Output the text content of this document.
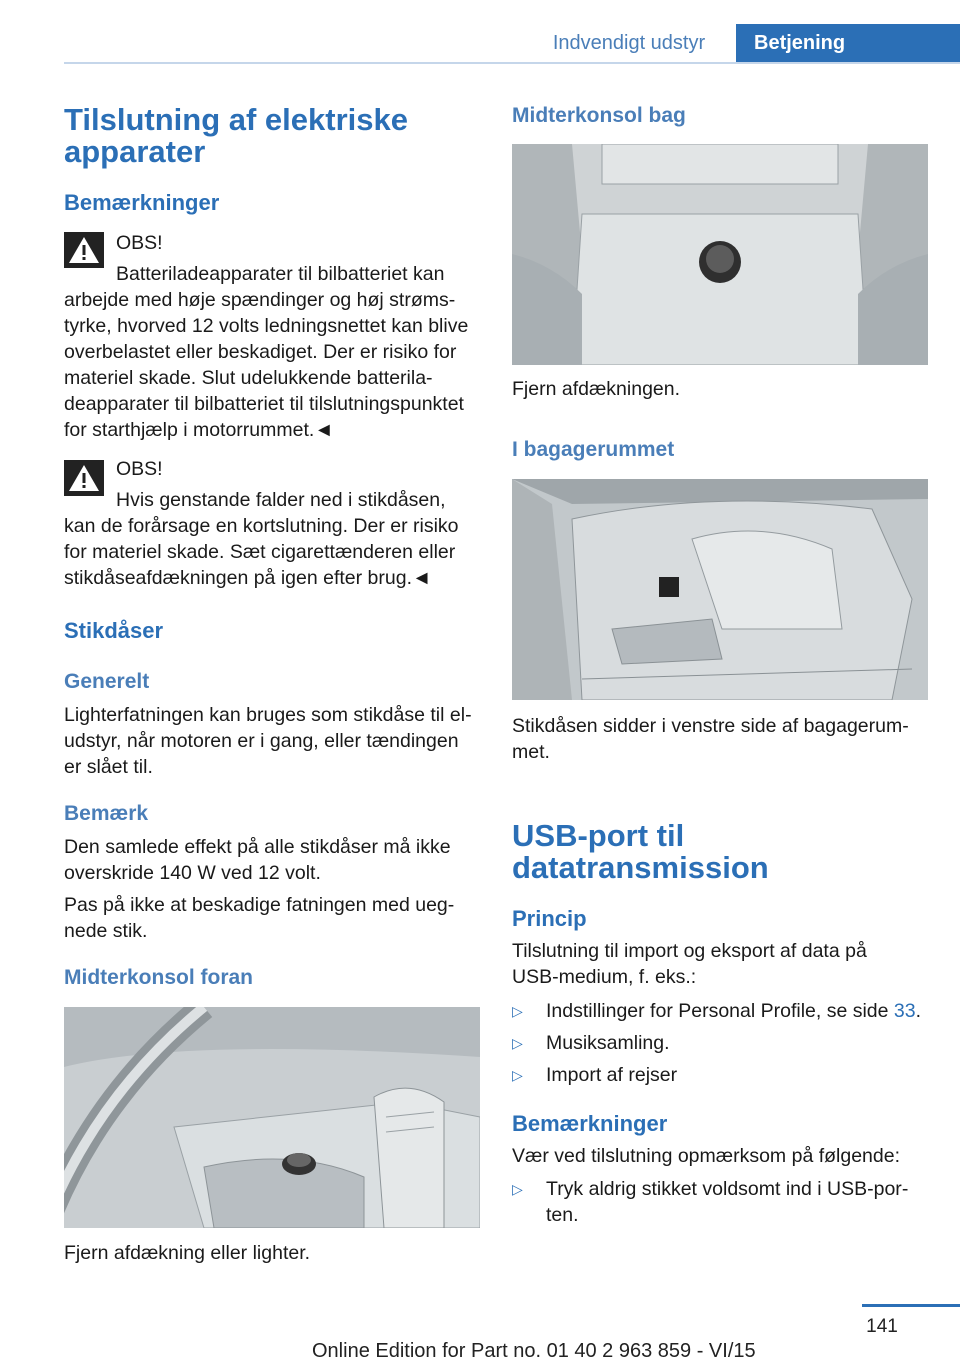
Indvendigt udstyr	Betjening
Tilslutning af elektriske apparater
Bemærkninger
OBS!
Batteriladeapparater til bilbatteriet kan
arbejde med høje spændinger og høj strømstyrke, hvorved 12 volts ledningsnettet kan blive overbelastet eller beskadiget. Der er risiko for materiel skade. Slut udelukkende batteriladeapparater til bilbatteriet til tilslutningspunktet for starthjælp i motorrummet.◄
OBS!
Hvis genstande falder ned i stikdåsen,
kan de forårsage en kortslutning. Der er risiko for materiel skade. Sæt cigarettænderen eller stikdåseafdækningen på igen efter brug.◄
Stikdåser
Generelt
Lighterfatningen kan bruges som stikdåse til el-udstyr, når motoren er i gang, eller tændingen er slået til.
Bemærk
Den samlede effekt på alle stikdåser må ikke overskride 140 W ved 12 volt.
Pas på ikke at beskadige fatningen med uegnede stik.
Midterkonsol foran
Fjern afdækning eller lighter.
Midterkonsol bag
Fjern afdækningen.
I bagagerummet
Stikdåsen sidder i venstre side af bagagerummet.
USB-port til datatransmission
Princip
Tilslutning til import og eksport af data på USB-medium, f. eks.:
▷ Indstillinger for Personal Profile, se side 33.
▷ Musiksamling.
▷ Import af rejser
Bemærkninger
Vær ved tilslutning opmærksom på følgende:
▷ Tryk aldrig stikket voldsomt ind i USB-porten.
141
Online Edition for Part no. 01 40 2 963 859 - VI/15
